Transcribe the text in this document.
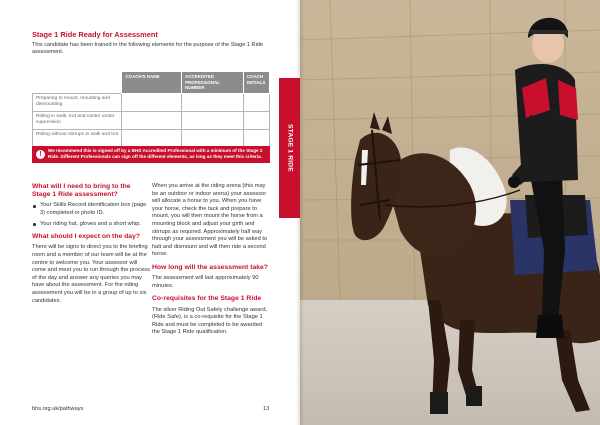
Stage 1 Ride Ready for Assessment
This candidate has been trained in the following elements for the purpose of the Stage 1 Ride assessment.
	COACH'S NAME	ACCREDITED PROFESSIONAL NUMBER	COACH INITIALS
Preparing to mount, mounting and dismounting			
Riding in walk, trot and canter under supervision			
Riding without stirrups in walk and trot			
!
We recommend this is signed off by a BHS Accredited Professional with a minimum of the Stage 2 Ride. Different Professionals can sign off the different elements, as long as they meet this criteria.
What will I need to bring to the Stage 1 Ride assessment?
Your Skills Record identification box (page 3) completed or photo ID.
Your riding hat, gloves and a short whip.
What should I expect on the day?

There will be signs to direct you to the briefing room and a member of our team will be at the centre to welcome you. Your assessor will come and meet you to run through the process of the day and answer any queries you may have about the assessment. For the riding assessment you will be in a group of up to six candidates.

When you arrive at the riding arena (this may be an outdoor or indoor arena) your assessor will allocate a horse to you. When you have your horse, check the tack and prepare to mount, you will then mount the horse from a mounting block and adjust your girth and stirrups as required. Approximately half way through your assessment you will be asked to halt and dismount and will then ride a second horse.

How long will the assessment take?

The assessment will last approximately 90 minutes.

Co-requisites for the Stage 1 Ride

The silver Riding Out Safely challenge award, (Ride Safe), is a co-requisite for the Stage 1 Ride and must be completed to be awarded the Stage 1 Ride qualification.

bhs.org.uk/pathways	13
STAGE 1 RIDE
